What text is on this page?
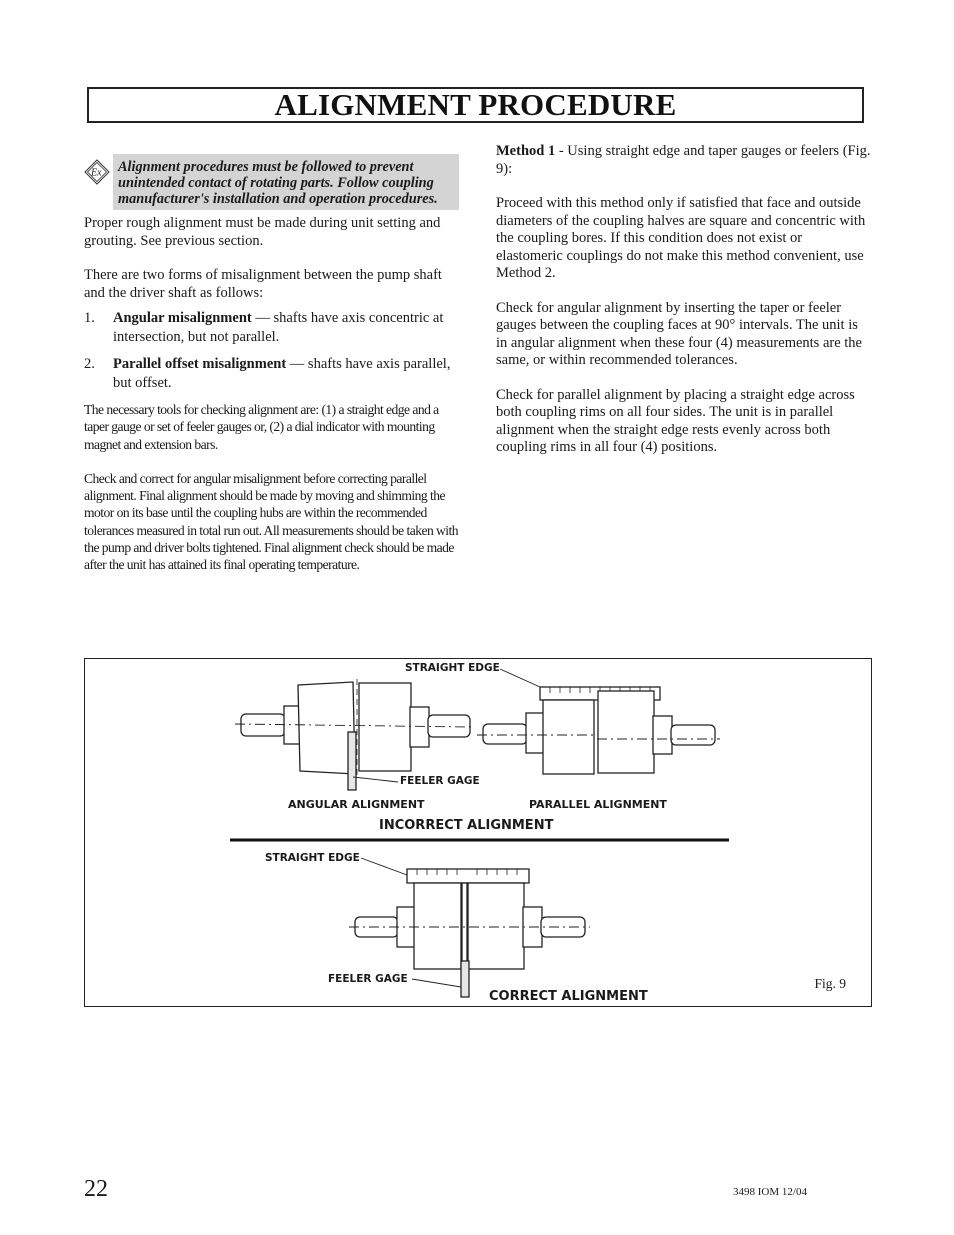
ALIGNMENT PROCEDURE
Ex	Alignment procedures must be followed to prevent unintended contact of rotating parts. Follow coupling manufacturer's installation and operation procedures.

Proper rough alignment must be made during unit setting and grouting. See previous section.

There are two forms of misalignment between the pump shaft and the driver shaft as follows:

1.	Angular misalignment — shafts have axis concentric at intersection, but not parallel.
2.	Parallel offset misalignment — shafts have axis parallel, but offset.

The necessary tools for checking alignment are: (1) a straight edge and a taper gauge or set of feeler gauges or, (2) a dial indicator with mounting magnet and extension bars.

Check and correct for angular misalignment before correcting parallel alignment. Final alignment should be made by moving and shimming the motor on its base until the coupling hubs are within the recommended tolerances measured in total run out. All measurements should be taken with the pump and driver bolts tightened. Final alignment check should be made after the unit has attained its final operating temperature.

Method 1 - Using straight edge and taper gauges or feelers (Fig. 9):

Proceed with this method only if satisfied that face and outside diameters of the coupling halves are square and concentric with the coupling bores. If this condition does not exist or elastomeric couplings do not make this method convenient, use Method 2.

Check for angular alignment by inserting the taper or feeler gauges between the coupling faces at 90° intervals. The unit is in angular alignment when these four (4) measurements are the same, or within recommended tolerances.

Check for parallel alignment by placing a straight edge across both coupling rims on all four sides. The unit is in parallel alignment when the straight edge rests evenly across both coupling rims in all four (4) positions.

STRAIGHT EDGE
FEELER GAGE
ANGULAR ALIGNMENT	PARALLEL ALIGNMENT
INCORRECT ALIGNMENT
STRAIGHT EDGE
FEELER GAGE
CORRECT ALIGNMENT
Fig. 9
22	3498 IOM 12/04
